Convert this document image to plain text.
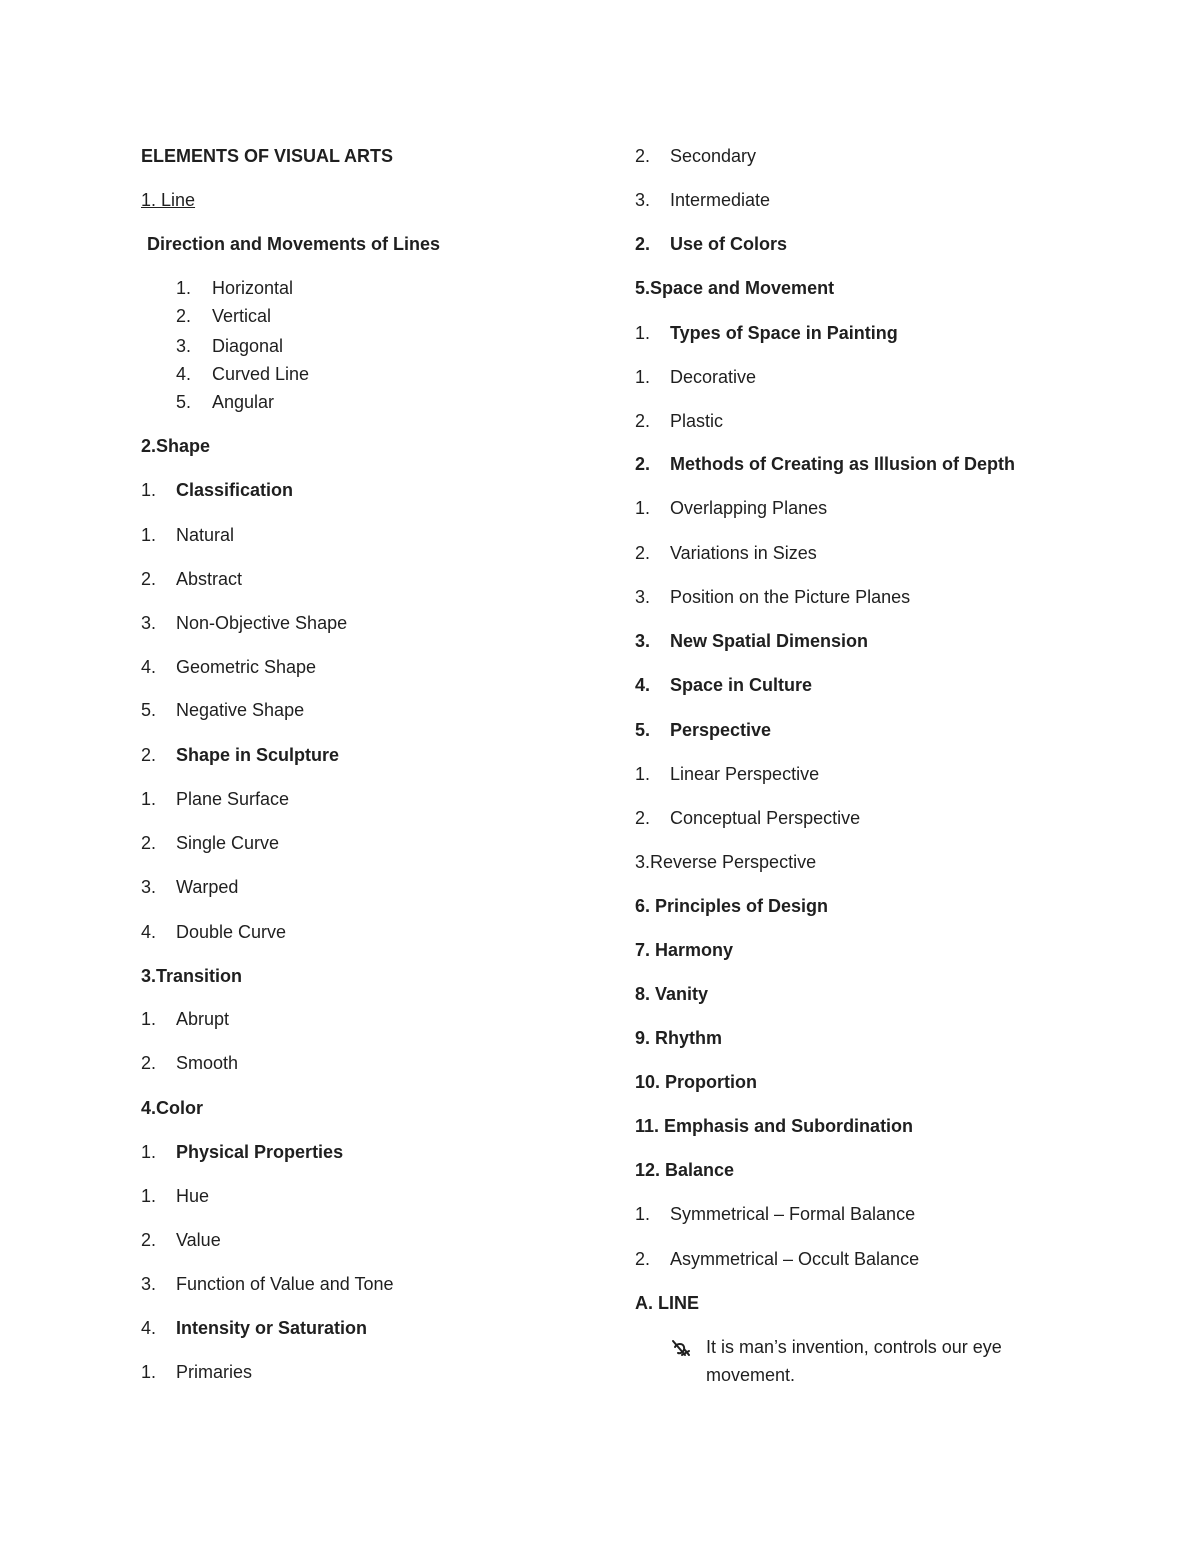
ELEMENTS OF VISUAL ARTS
1. Line
Direction and Movements of Lines
1. Horizontal
2. Vertical
3. Diagonal
4. Curved Line
5. Angular
2.Shape
1. Classification
1. Natural
2. Abstract
3. Non-Objective Shape
4. Geometric Shape
5. Negative Shape
2. Shape in Sculpture
1. Plane Surface
2. Single Curve
3. Warped
4. Double Curve
3.Transition
1. Abrupt
2. Smooth
4.Color
1. Physical Properties
1. Hue
2. Value
3. Function of Value and Tone
4. Intensity or Saturation
1. Primaries
2. Secondary
3. Intermediate
2. Use of Colors
5.Space and Movement
1. Types of Space in Painting
1. Decorative
2. Plastic
2. Methods of Creating as Illusion of Depth
1. Overlapping Planes
2. Variations in Sizes
3. Position on the Picture Planes
3. New Spatial Dimension
4. Space in Culture
5. Perspective
1. Linear Perspective
2. Conceptual Perspective
3.Reverse Perspective
6. Principles of Design
7. Harmony
8. Vanity
9. Rhythm
10. Proportion
11. Emphasis and Subordination
12. Balance
1. Symmetrical – Formal Balance
2. Asymmetrical – Occult Balance
A. LINE
It is man’s invention, controls our eye
movement.
